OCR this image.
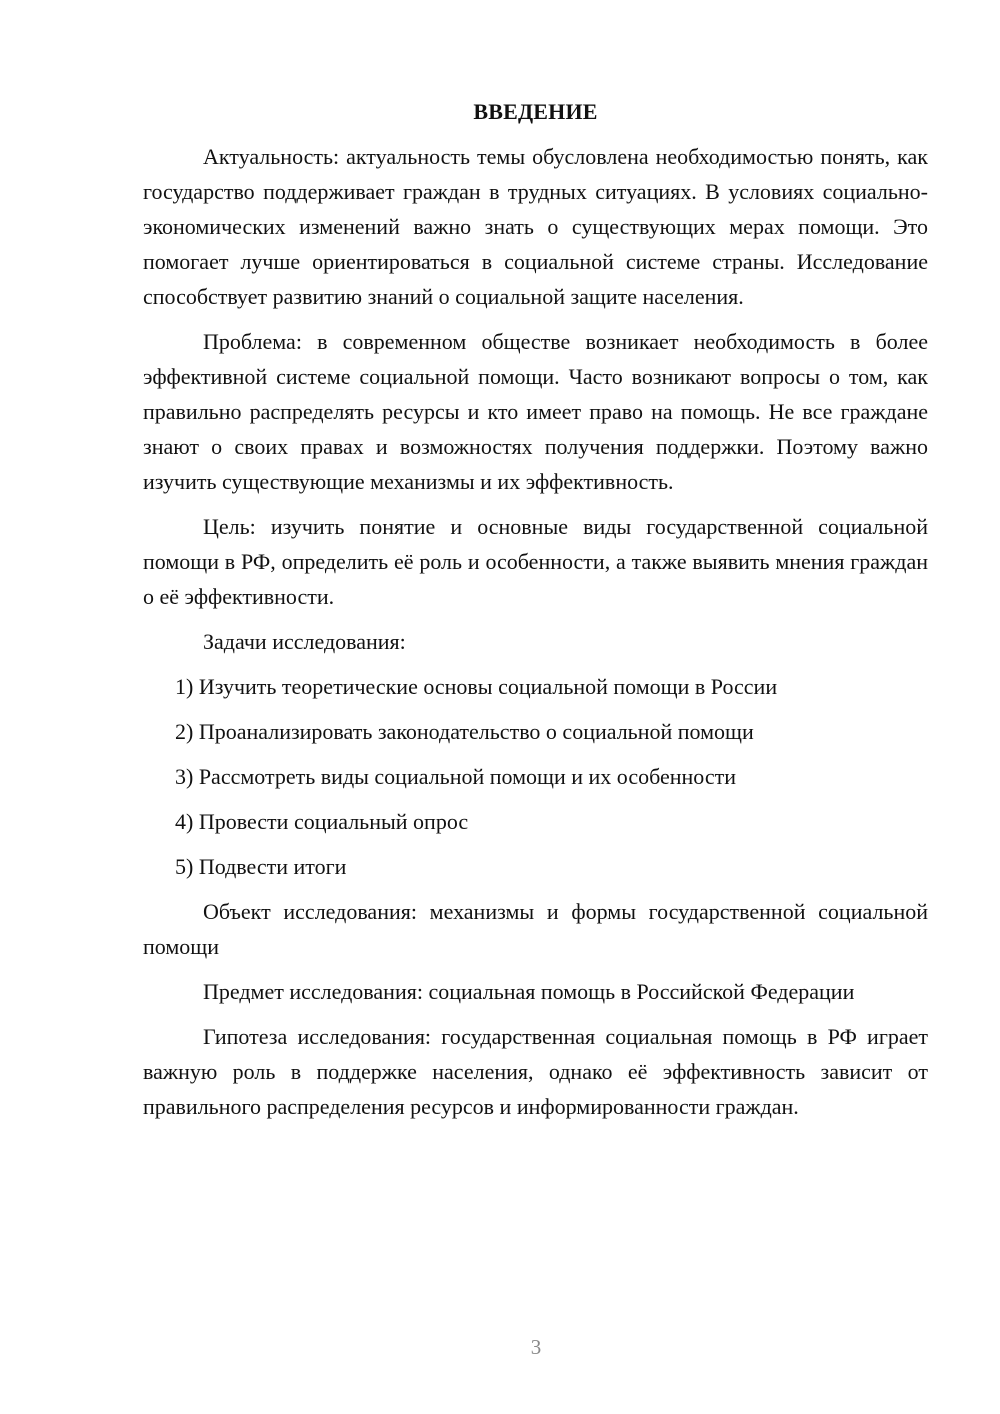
ВВЕДЕНИЕ

Актуальность: актуальность темы обусловлена необходимостью понять, как государство поддерживает граждан в трудных ситуациях. В условиях социально-экономических изменений важно знать о существующих мерах помощи. Это помогает лучше ориентироваться в социальной системе страны. Исследование способствует развитию знаний о социальной защите населения.

Проблема: в современном обществе возникает необходимость в более эффективной системе социальной помощи. Часто возникают вопросы о том, как правильно распределять ресурсы и кто имеет право на помощь. Не все граждане знают о своих правах и возможностях получения поддержки. Поэтому важно изучить существующие механизмы и их эффективность.

Цель: изучить понятие и основные виды государственной социальной помощи в РФ, определить её роль и особенности, а также выявить мнения граждан о её эффективности.

Задачи исследования:

1) Изучить теоретические основы социальной помощи в России
2) Проанализировать законодательство о социальной помощи
3) Рассмотреть виды социальной помощи и их особенности
4) Провести социальный опрос
5) Подвести итоги

Объект исследования: механизмы и формы государственной социальной помощи

Предмет исследования: социальная помощь в Российской Федерации

Гипотеза исследования: государственная социальная помощь в РФ играет важную роль в поддержке населения, однако её эффективность зависит от правильного распределения ресурсов и информированности граждан.

3
